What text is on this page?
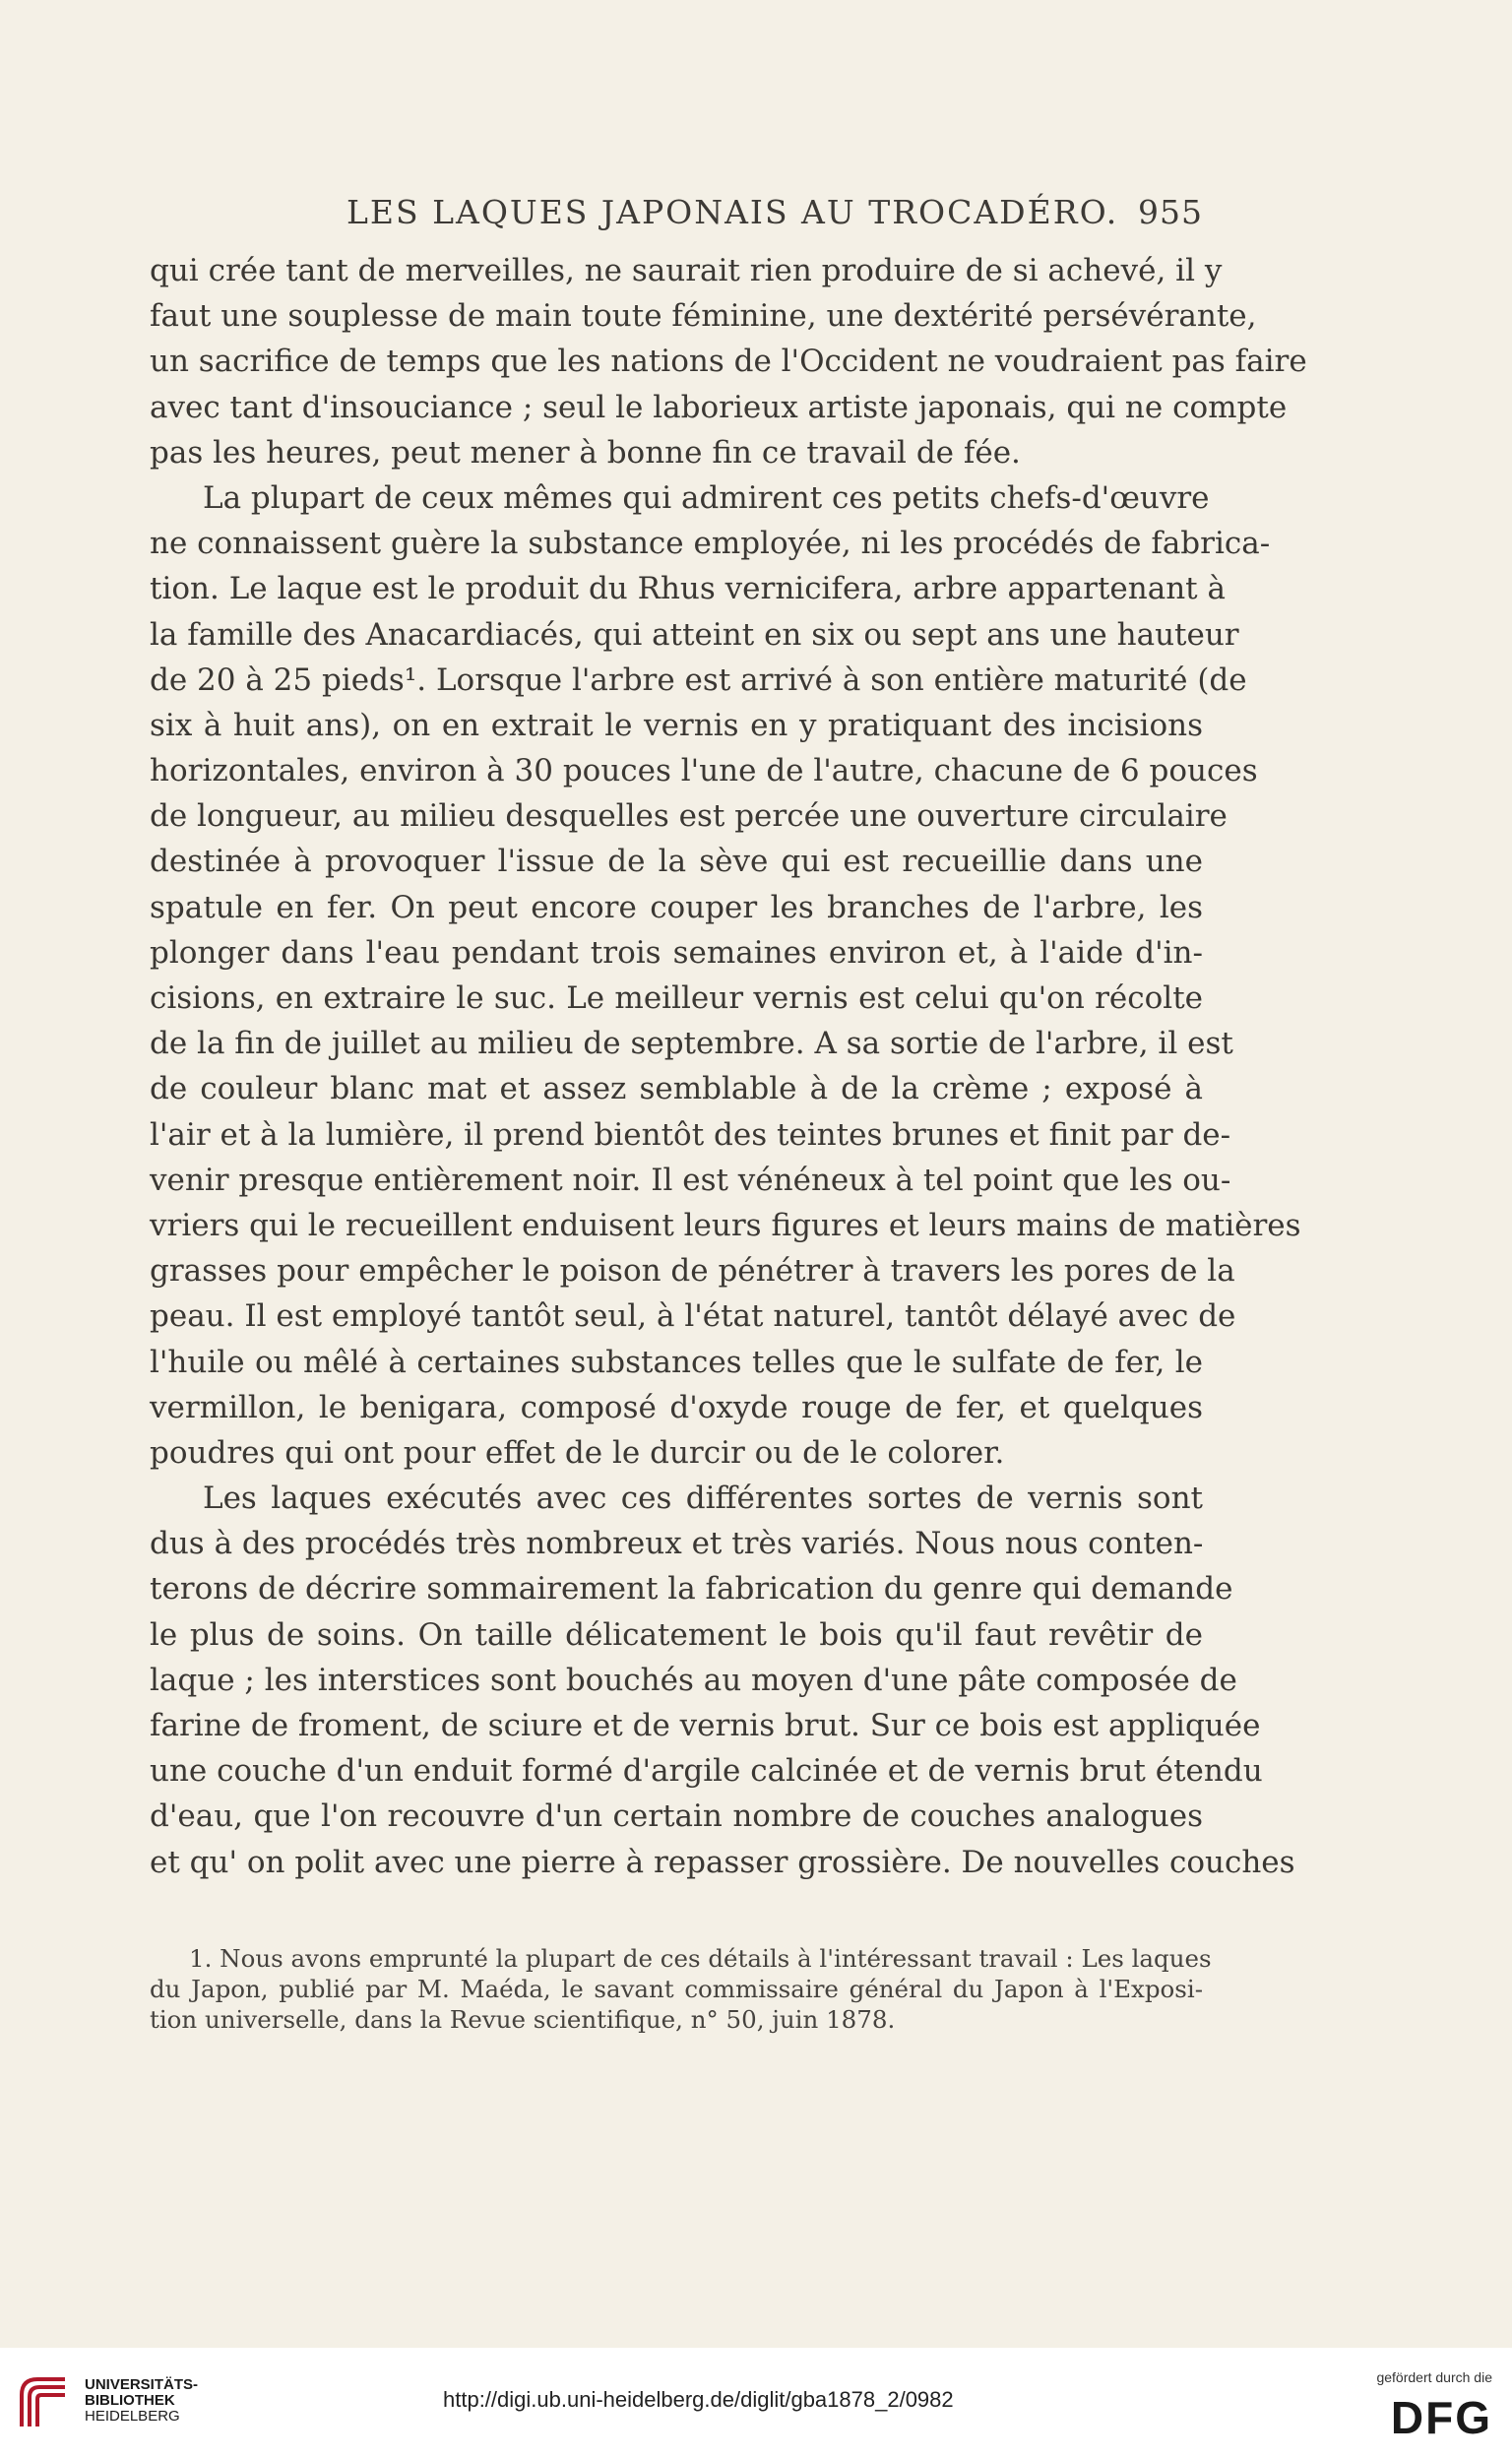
LES LAQUES JAPONAIS AU TROCADÉRO. 955
qui crée tant de merveilles, ne saurait rien produire de si achevé, il y
faut une souplesse de main toute féminine, une dextérité persévérante,
un sacrifice de temps que les nations de l'Occident ne voudraient pas faire
avec tant d'insouciance ; seul le laborieux artiste japonais, qui ne compte
pas les heures, peut mener à bonne fin ce travail de fée.
La plupart de ceux mêmes qui admirent ces petits chefs-d'œuvre
ne connaissent guère la substance employée, ni les procédés de fabrica-
tion. Le laque est le produit du Rhus vernicifera, arbre appartenant à
la famille des Anacardiacés, qui atteint en six ou sept ans une hauteur
de 20 à 25 pieds¹. Lorsque l'arbre est arrivé à son entière maturité (de
six à huit ans), on en extrait le vernis en y pratiquant des incisions
horizontales, environ à 30 pouces l'une de l'autre, chacune de 6 pouces
de longueur, au milieu desquelles est percée une ouverture circulaire
destinée à provoquer l'issue de la sève qui est recueillie dans une
spatule en fer. On peut encore couper les branches de l'arbre, les
plonger dans l'eau pendant trois semaines environ et, à l'aide d'in-
cisions, en extraire le suc. Le meilleur vernis est celui qu'on récolte
de la fin de juillet au milieu de septembre. A sa sortie de l'arbre, il est
de couleur blanc mat et assez semblable à de la crème ; exposé à
l'air et à la lumière, il prend bientôt des teintes brunes et finit par de-
venir presque entièrement noir. Il est vénéneux à tel point que les ou-
vriers qui le recueillent enduisent leurs figures et leurs mains de matières
grasses pour empêcher le poison de pénétrer à travers les pores de la
peau. Il est employé tantôt seul, à l'état naturel, tantôt délayé avec de
l'huile ou mêlé à certaines substances telles que le sulfate de fer, le
vermillon, le benigara, composé d'oxyde rouge de fer, et quelques
poudres qui ont pour effet de le durcir ou de le colorer.
Les laques exécutés avec ces différentes sortes de vernis sont
dus à des procédés très nombreux et très variés. Nous nous conten-
terons de décrire sommairement la fabrication du genre qui demande
le plus de soins. On taille délicatement le bois qu'il faut revêtir de
laque ; les interstices sont bouchés au moyen d'une pâte composée de
farine de froment, de sciure et de vernis brut. Sur ce bois est appliquée
une couche d'un enduit formé d'argile calcinée et de vernis brut étendu
d'eau, que l'on recouvre d'un certain nombre de couches analogues
et qu' on polit avec une pierre à repasser grossière. De nouvelles couches
1. Nous avons emprunté la plupart de ces détails à l'intéressant travail : Les laques
du Japon, publié par M. Maéda, le savant commissaire général du Japon à l'Exposi-
tion universelle, dans la Revue scientifique, n° 50, juin 1878.
UNIVERSITÄTS-
BIBLIOTHEK
HEIDELBERG
http://digi.ub.uni-heidelberg.de/diglit/gba1878_2/0982
gefördert durch die
DFG
